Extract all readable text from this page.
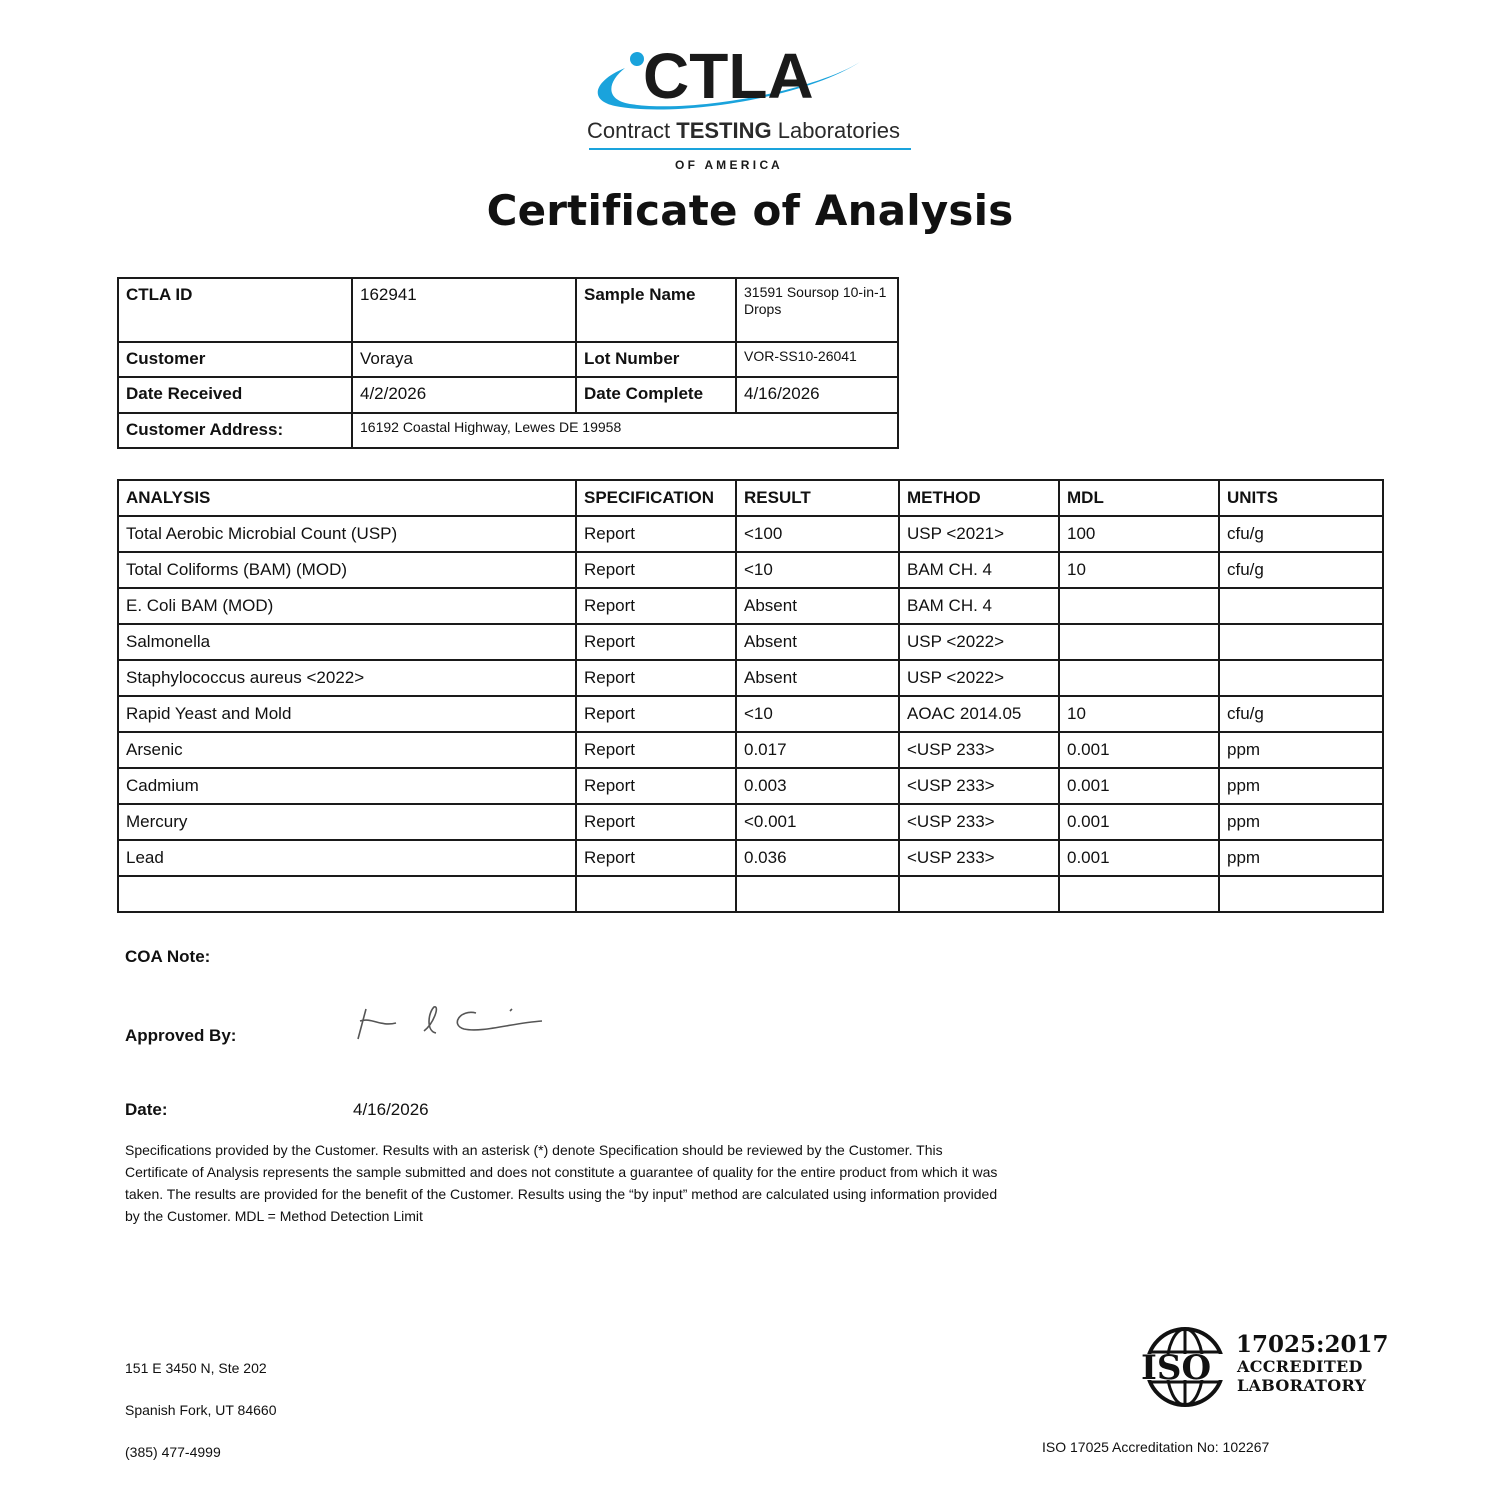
CTLA
Contract TESTING Laboratories
O F   A M E R I C A
Certificate of Analysis
CTLA ID	162941	Sample Name	31591 Soursop 10-in-1 Drops
Customer	Voraya	Lot Number	VOR-SS10-26041
Date Received	4/2/2026	Date Complete	4/16/2026
Customer Address:	16192 Coastal Highway, Lewes DE 19958		
ANALYSIS	SPECIFICATION	RESULT	METHOD	MDL	UNITS
Total Aerobic Microbial Count (USP)	Report	<100	USP <2021>	100	cfu/g
Total Coliforms (BAM) (MOD)	Report	<10	BAM CH. 4	10	cfu/g
E. Coli BAM (MOD)	Report	Absent	BAM CH. 4		
Salmonella	Report	Absent	USP <2022>		
Staphylococcus aureus <2022>	Report	Absent	USP <2022>		
Rapid Yeast and Mold	Report	<10	AOAC 2014.05	10	cfu/g
Arsenic	Report	0.017	<USP 233>	0.001	ppm
Cadmium	Report	0.003	<USP 233>	0.001	ppm
Mercury	Report	<0.001	<USP 233>	0.001	ppm
Lead	Report	0.036	<USP 233>	0.001	ppm

COA Note:
Approved By:
Date:	4/16/2026
Specifications provided by the Customer. Results with an asterisk (*) denote Specification should be reviewed by the Customer. This Certificate of Analysis represents the sample submitted and does not constitute a guarantee of quality for the entire product from which it was taken. The results are provided for the benefit of the Customer. Results using the “by input” method are calculated using information provided by the Customer. MDL = Method Detection Limit
151 E 3450 N, Ste 202
Spanish Fork, UT 84660
(385) 477-4999
ISO
17025:2017
ACCREDITED
LABORATORY
ISO 17025 Accreditation No: 102267
